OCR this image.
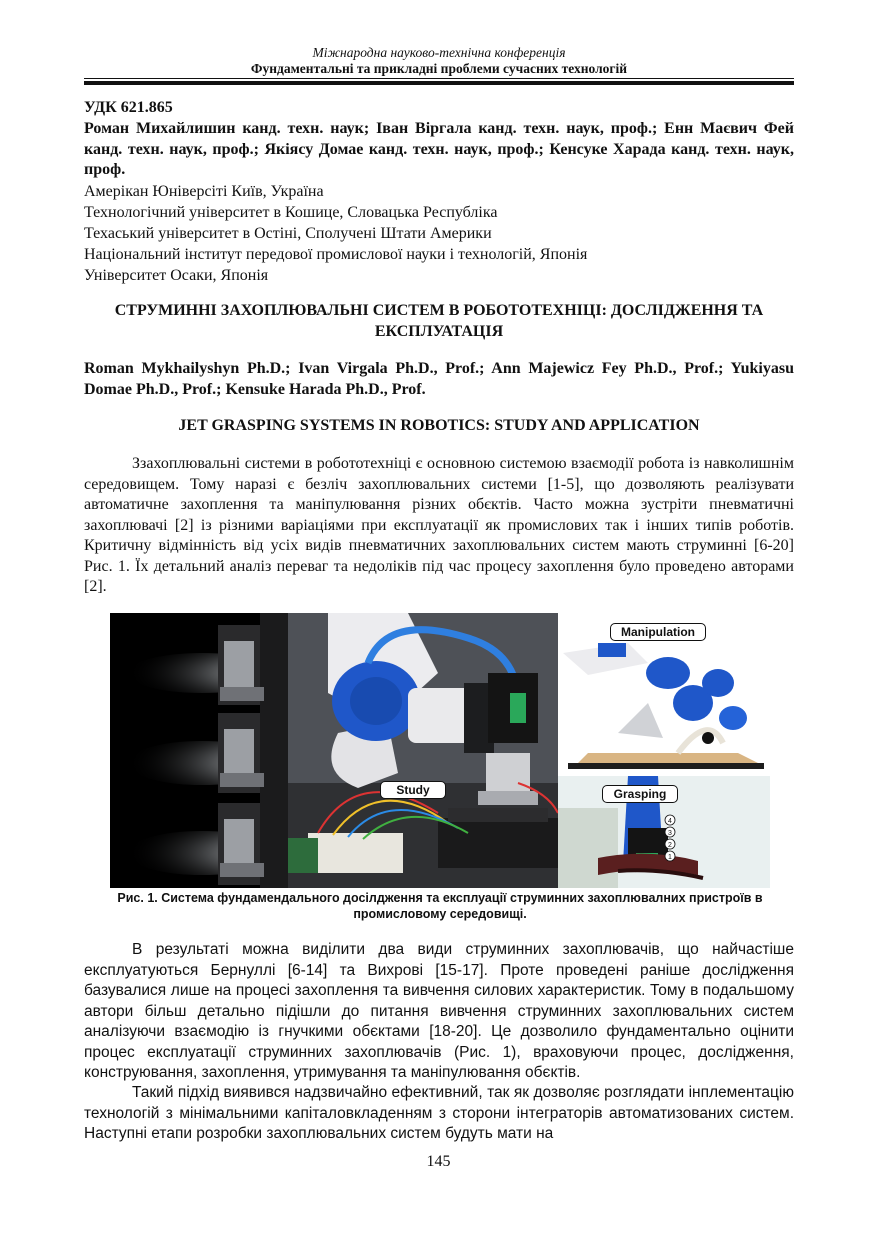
Міжнародна науково-технічна конференція
Фундаментальні та прикладні проблеми сучасних технологій
УДК 621.865
Роман Михайлишин канд. техн. наук; Іван Віргала канд. техн. наук, проф.; Енн Маєвич Фей канд. техн. наук, проф.; Якіясу Домае канд. техн. наук, проф.; Кенсуке Харада канд. техн. наук, проф.
Амерікан Юніверсіті Київ, Україна
Технологічний університет в Кошице, Словацька Республіка
Техаський університет в Остіні, Сполучені Штати Америки
Національний інститут передової промислової науки і технологій, Японія
Університет Осаки, Японія
СТРУМИННІ ЗАХОПЛЮВАЛЬНІ СИСТЕМ В РОБОТОТЕХНІЦІ: ДОСЛІДЖЕННЯ ТА ЕКСПЛУАТАЦІЯ
Roman Mykhailyshyn Ph.D.; Ivan Virgala Ph.D., Prof.; Ann Majewicz Fey Ph.D., Prof.; Yukiyasu Domae Ph.D., Prof.; Kensuke Harada Ph.D., Prof.
JET GRASPING SYSTEMS IN ROBOTICS: STUDY AND APPLICATION
Ззахоплювальні системи в робототехніці є основною системою взаємодії робота із навколишнім середовищем. Тому наразі є безліч захоплювальних системи [1-5], що дозволяють реалізувати автоматичне захоплення та маніпулювання різних обєктів. Часто можна зустріти пневматичні захоплювачі [2] із різними варіаціями при експлуатації як промислових так і інших типів роботів. Критичну відмінність від усіх видів пневматичних захоплювальних систем мають струминні [6-20] Рис. 1. Їх детальний аналіз переваг та недоліків під час процесу захоплення було проведено авторами [2].
Study
4
3
2
1
Manipulation
Grasping
Рис. 1. Система фундамендального досілдження та експлуації струминних захоплювалних пристроїв в промисловому середовищі.
В результаті можна виділити два види струминних захоплювачів, що найчастіше експлуатуються Бернуллі [6-14] та Вихрові [15-17]. Проте проведені раніше дослідження базувалися лише на процесі захоплення та вивчення силових характеристик. Тому в подальшому автори більш детально підішли до питання вивчення струминних захоплювальних систем аналізуючи взаємодію із гнучкими обєктами [18-20]. Це дозволило фундаментально оцінити процес експлуатації струминних захоплювачів (Рис. 1), враховуючи процес, дослідження, конструювання, захоплення, утримування та маніпулювання обєктів.
Такий підхід виявився надзвичайно ефективний, так як дозволяє розглядати інплементацію технологій з мінімальними капіталовкладенням з сторони інтеграторів автоматизованих систем. Наступні етапи розробки захоплювальних систем будуть мати на
145
